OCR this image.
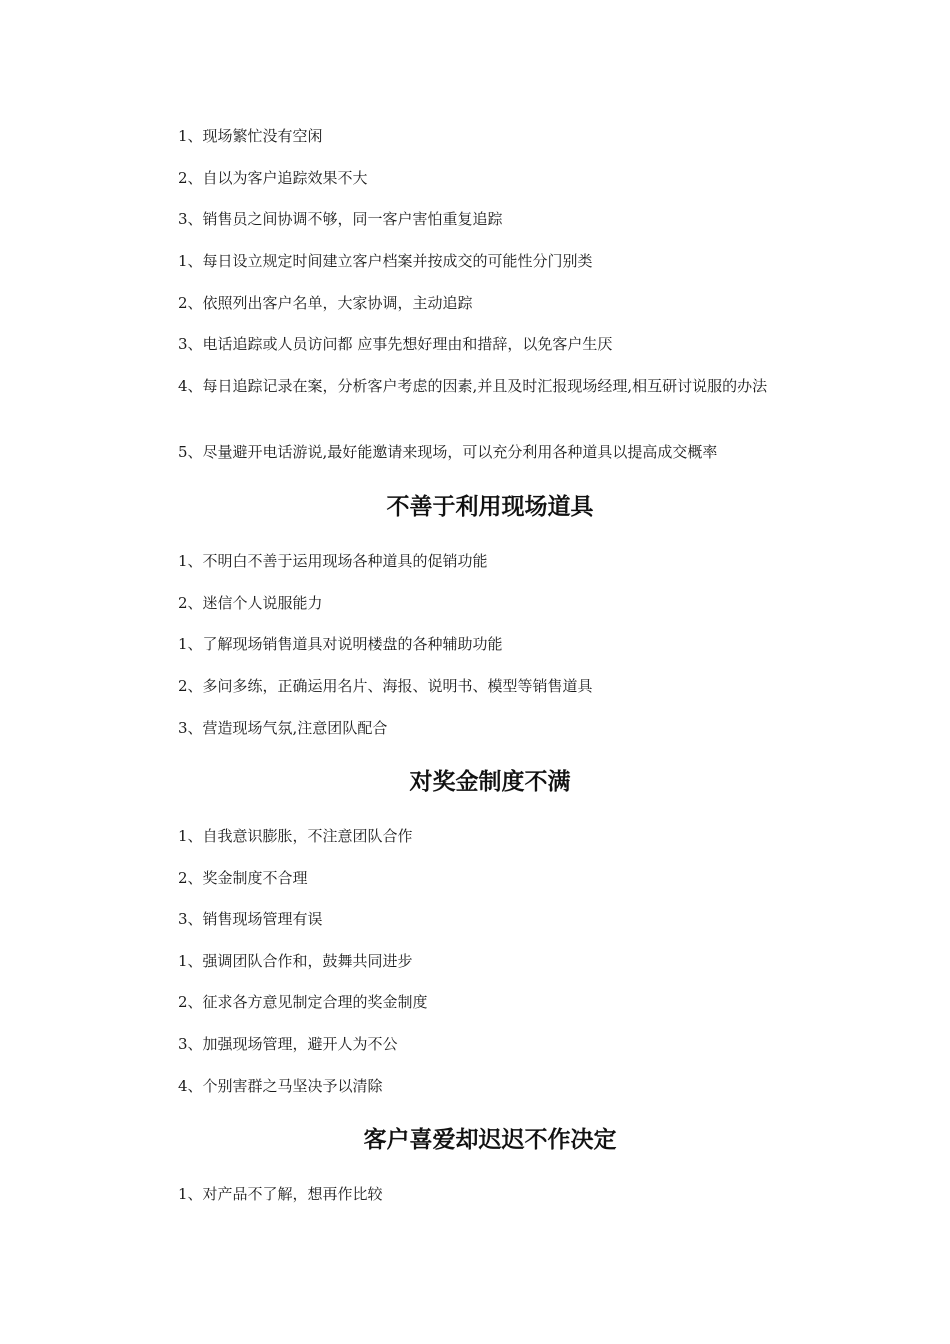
1、现场繁忙没有空闲

2、自以为客户追踪效果不大

3、销售员之间协调不够，同一客户害怕重复追踪

1、每日设立规定时间建立客户档案并按成交的可能性分门别类

2、依照列出客户名单，大家协调，主动追踪

3、电话追踪或人员访问都 应事先想好理由和措辞，以免客户生厌

4、每日追踪记录在案，分析客户考虑的因素,并且及时汇报现场经理,相互研讨说服的办法

5、尽量避开电话游说,最好能邀请来现场，可以充分利用各种道具以提高成交概率

不善于利用现场道具

1、不明白不善于运用现场各种道具的促销功能

2、迷信个人说服能力

1、了解现场销售道具对说明楼盘的各种辅助功能

2、多问多练，正确运用名片、海报、说明书、模型等销售道具

3、营造现场气氛,注意团队配合

对奖金制度不满

1、自我意识膨胀，不注意团队合作

2、奖金制度不合理

3、销售现场管理有误

1、强调团队合作和，鼓舞共同进步

2、征求各方意见制定合理的奖金制度

3、加强现场管理，避开人为不公

4、个别害群之马坚决予以清除

客户喜爱却迟迟不作决定

1、对产品不了解，想再作比较
